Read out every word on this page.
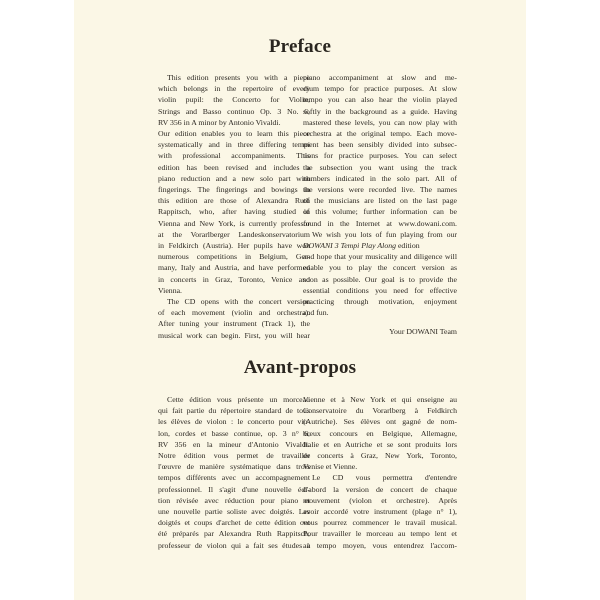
Preface
This edition presents you with a piece
which belongs in the repertoire of every
violin pupil: the Concerto for Violin,
Strings and Basso continuo Op. 3 No. 6,
RV 356 in A minor by Antonio Vivaldi.
Our edition enables you to learn this piece
systematically and in three differing tempi
with professional accompaniments. This
edition has been revised and includes a
piano reduction and a new solo part with
fingerings. The fingerings and bowings in
this edition are those of Alexandra Ruth
Rappitsch, who, after having studied in
Vienna and New York, is currently professor
at the Vorarlberger Landeskonservatorium
in Feldkirch (Austria). Her pupils have won
numerous competitions in Belgium, Ger-
many, Italy and Austria, and have performed
in concerts in Graz, Toronto, Venice and
Vienna.
The CD opens with the concert version
of each movement (violin and orchestra).
After tuning your instrument (Track 1), the
musical work can begin. First, you will hear
piano accompaniment at slow and me-
dium tempo for practice purposes. At slow
tempo you can also hear the violin played
softly in the background as a guide. Having
mastered these levels, you can now play with
orchestra at the original tempo. Each move-
ment has been sensibly divided into subsec-
tions for practice purposes. You can select
the subsection you want using the track
numbers indicated in the solo part. All of
the versions were recorded live. The names
of the musicians are listed on the last page
of this volume; further information can be
found in the Internet at www.dowani.com.
We wish you lots of fun playing from our
DOWANI 3 Tempi Play Along edition
and hope that your musicality and diligence will
enable you to play the concert version as
soon as possible. Our goal is to provide the
essential conditions you need for effective
practicing through motivation, enjoyment
and fun.

Your DOWANI Team

Avant-propos
Cette édition vous présente un morceau
qui fait partie du répertoire standard de tous
les élèves de violon : le concerto pour vio-
lon, cordes et basse continue, op. 3 n° 6,
RV 356 en la mineur d'Antonio Vivaldi.
Notre édition vous permet de travailler
l'œuvre de manière systématique dans trois
tempos différents avec un accompagnement
professionnel. Il s'agit d'une nouvelle édi-
tion révisée avec réduction pour piano et
une nouvelle partie soliste avec doigtés. Les
doigtés et coups d'archet de cette édition ont
été préparés par Alexandra Ruth Rappitsch,
professeur de violon qui a fait ses études à
Vienne et à New York et qui enseigne au
Conservatoire du Vorarlberg à Feldkirch
(Autriche). Ses élèves ont gagné de nom-
breux concours en Belgique, Allemagne,
Italie et en Autriche et se sont produits lors
de concerts à Graz, New York, Toronto,
Venise et Vienne.
Le CD vous permettra d'entendre
d'abord la version de concert de chaque
mouvement (violon et orchestre). Après
avoir accordé votre instrument (plage n° 1),
vous pourrez commencer le travail musical.
Pour travailler le morceau au tempo lent et
au tempo moyen, vous entendrez l'accom-
